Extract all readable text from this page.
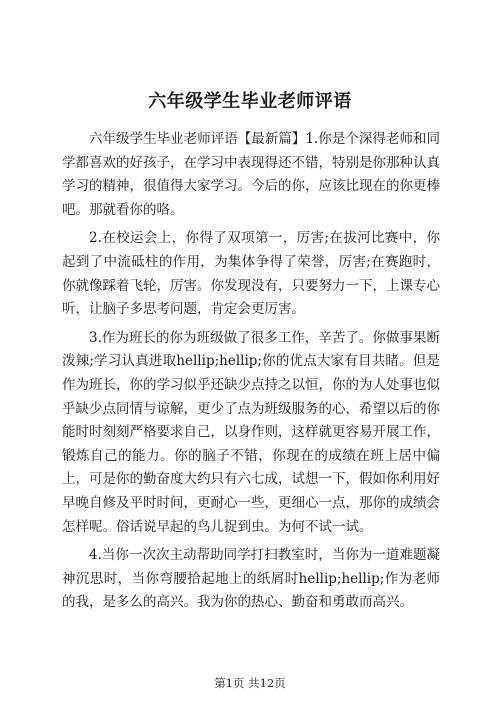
六年级学生毕业老师评语

六年级学生毕业老师评语【最新篇】1.你是个深得老师和同学都喜欢的好孩子，在学习中表现得还不错，特别是你那种认真学习的精神，很值得大家学习。今后的你，应该比现在的你更棒吧。那就看你的咯。

2.在校运会上，你得了双项第一，厉害;在拔河比赛中，你起到了中流砥柱的作用，为集体争得了荣誉，厉害;在赛跑时，你就像踩着飞轮，厉害。你发现没有，只要努力一下，上课专心听，让脑子多思考问题，肯定会更厉害。

3.作为班长的你为班级做了很多工作，辛苦了。你做事果断泼辣;学习认真进取hellip;hellip;你的优点大家有目共睹。但是作为班长，你的学习似乎还缺少点持之以恒，你的为人处事也似乎缺少点同情与谅解，更少了点为班级服务的心，希望以后的你能时时刻刻严格要求自己，以身作则，这样就更容易开展工作，锻炼自己的能力。你的脑子不错，你现在的成绩在班上居中偏上，可是你的勤奋度大约只有六七成，试想一下，假如你利用好早晚自修及平时时间，更耐心一些，更细心一点，那你的成绩会怎样呢。俗话说早起的鸟儿捉到虫。为何不试一试。

4.当你一次次主动帮助同学打扫教室时，当你为一道难题凝神沉思时，当你弯腰拾起地上的纸屑时hellip;hellip;作为老师的我，是多么的高兴。我为你的热心、勤奋和勇敢而高兴。

第1页 共12页
